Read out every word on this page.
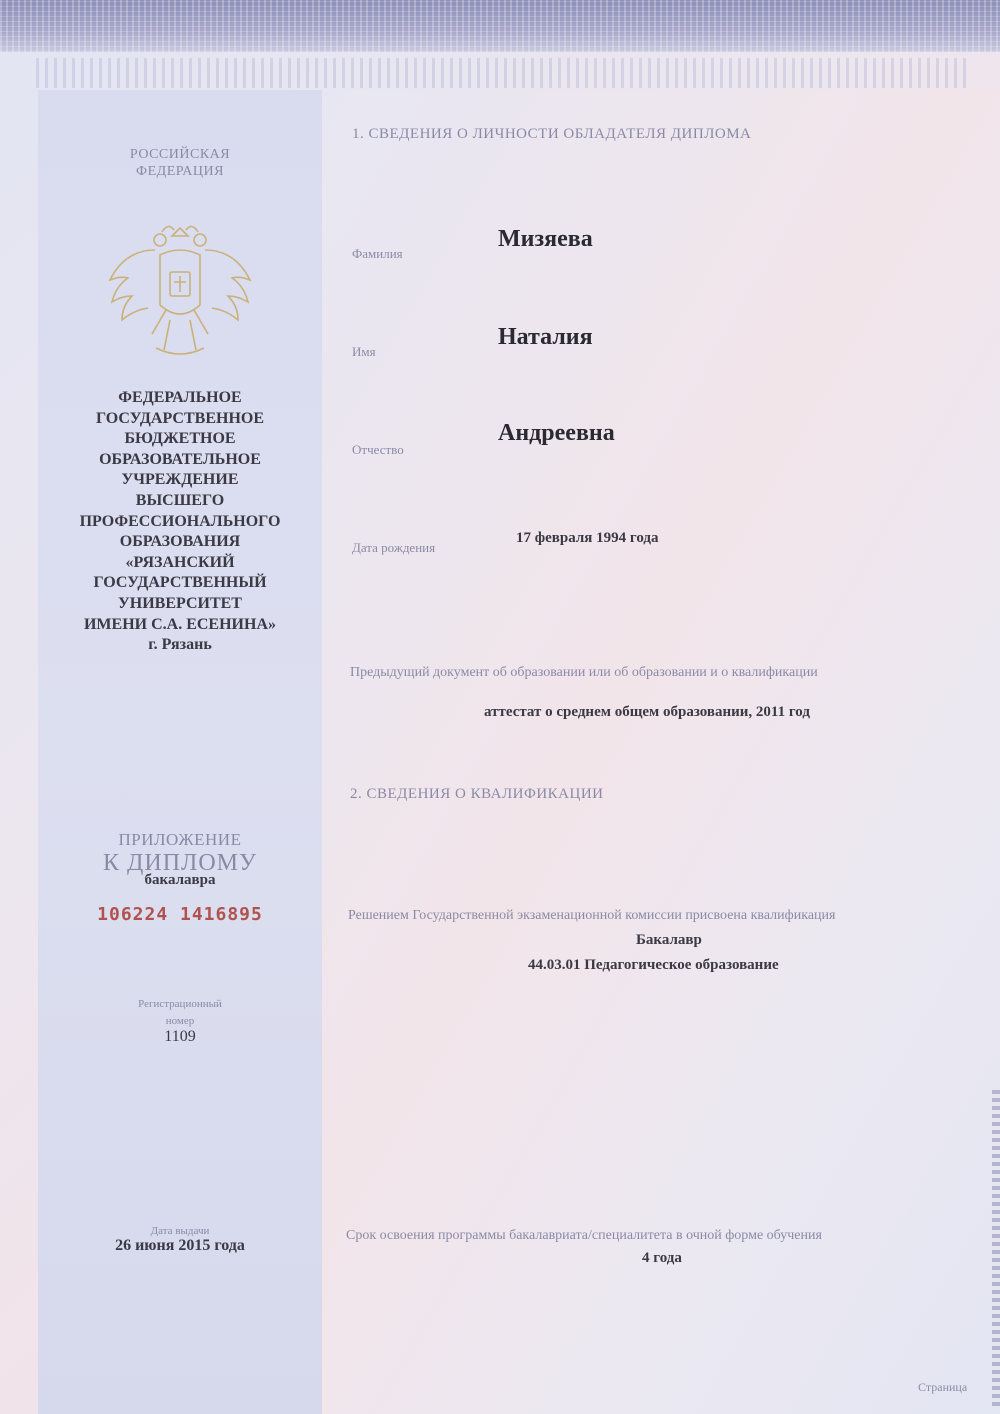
РОССИЙСКАЯ
ФЕДЕРАЦИЯ
ФЕДЕРАЛЬНОЕ
ГОСУДАРСТВЕННОЕ
БЮДЖЕТНОЕ
ОБРАЗОВАТЕЛЬНОЕ
УЧРЕЖДЕНИЕ
ВЫСШЕГО
ПРОФЕССИОНАЛЬНОГО
ОБРАЗОВАНИЯ
«РЯЗАНСКИЙ
ГОСУДАРСТВЕННЫЙ
УНИВЕРСИТЕТ
ИМЕНИ С.А. ЕСЕНИНА»
г. Рязань
ПРИЛОЖЕНИЕ
К ДИПЛОМУ
бакалавра
106224 1416895
Регистрационный
номер
1109
Дата выдачи
26 июня 2015 года
1. СВЕДЕНИЯ О ЛИЧНОСТИ ОБЛАДАТЕЛЯ ДИПЛОМА
Фамилия
Мизяева
Имя
Наталия
Отчество
Андреевна
Дата рождения
17 февраля 1994 года
Предыдущий документ об образовании или об образовании и о квалификации
аттестат о среднем общем образовании, 2011 год
2. СВЕДЕНИЯ О КВАЛИФИКАЦИИ
Решением Государственной экзаменационной комиссии присвоена квалификация
Бакалавр
44.03.01 Педагогическое образование
Срок освоения программы бакалавриата/специалитета в очной форме обучения
4 года
Страница
